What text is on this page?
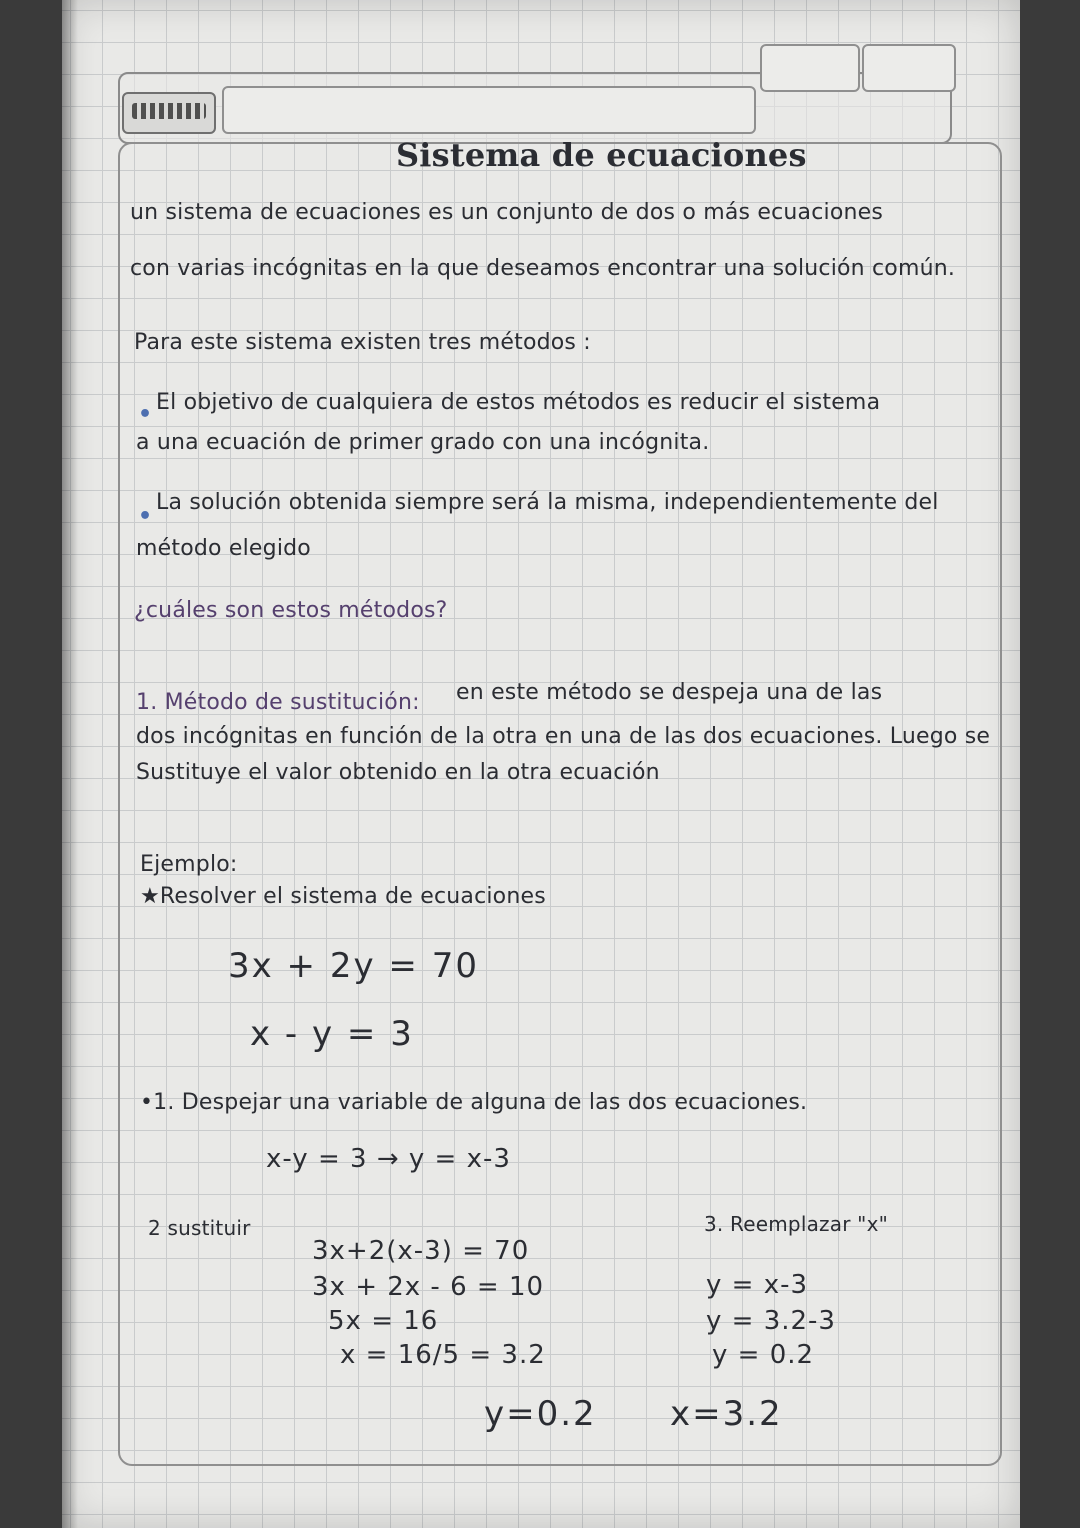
Sistema de ecuaciones

un sistema de ecuaciones es un conjunto de dos o más ecuaciones

con varias incógnitas en la que deseamos encontrar una solución común.

Para este sistema existen tres métodos :

• El objetivo de cualquiera de estos métodos es reducir el sistema

a una ecuación de primer grado con una incógnita.

•

La solución obtenida siempre será la misma, independientemente del

método elegido

¿cuáles son estos métodos?

1. Método de sustitución: en este método se despeja una de las

dos incógnitas en función de la otra en una de las dos ecuaciones. Luego se

Sustituye el valor obtenido en la otra ecuación

Ejemplo:

★Resolver el sistema de ecuaciones

3x + 2y = 70

x - y = 3

•1. Despejar una variable de alguna de las dos ecuaciones.

x-y = 3 → y = x-3

2 sustituir

3x+2(x-3) = 70

3x + 2x - 6 = 10

5x = 16

x = 16/5 = 3.2

3. Reemplazar "x"

y = x-3

y = 3.2-3

y = 0.2

y=0.2 x=3.2
